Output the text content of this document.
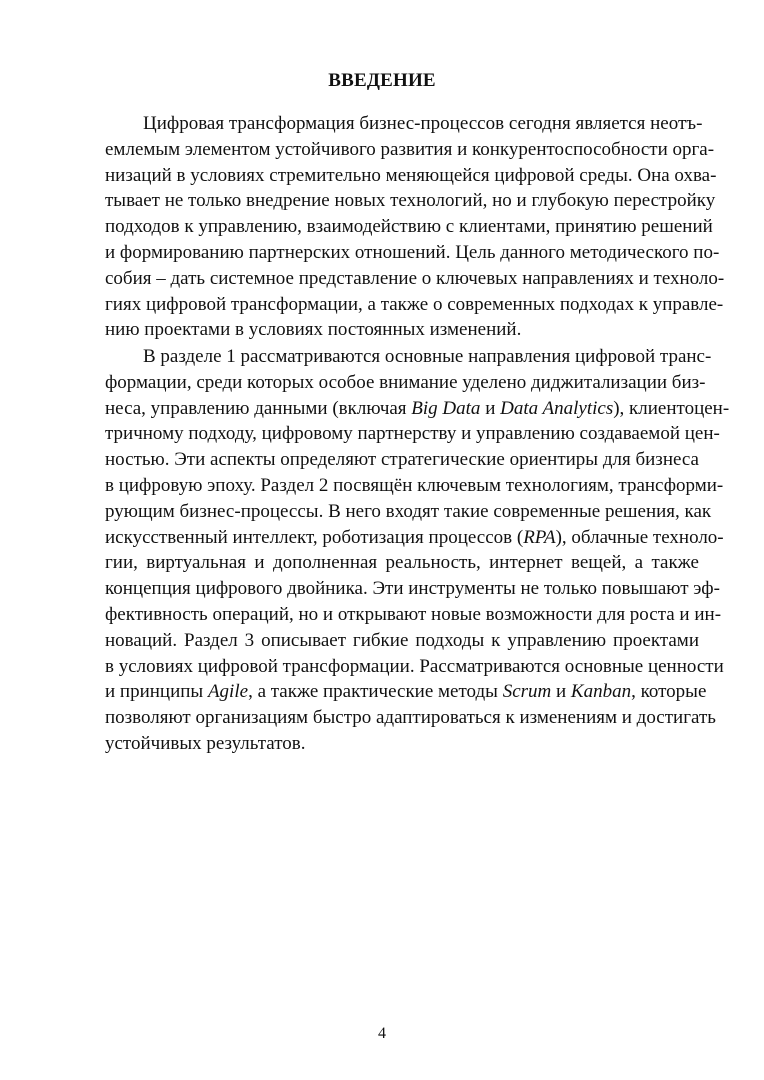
ВВЕДЕНИЕ
Цифровая трансформация бизнес-процессов сегодня является неотъ-
емлемым элементом устойчивого развития и конкурентоспособности орга-
низаций в условиях стремительно меняющейся цифровой среды. Она охва-
тывает не только внедрение новых технологий, но и глубокую перестройку
подходов к управлению, взаимодействию с клиентами, принятию решений
и формированию партнерских отношений. Цель данного методического по-
собия – дать системное представление о ключевых направлениях и техноло-
гиях цифровой трансформации, а также о современных подходах к управле-
нию проектами в условиях постоянных изменений.
В разделе 1 рассматриваются основные направления цифровой транс-
формации, среди которых особое внимание уделено диджитализации биз-
неса, управлению данными (включая Big Data и Data Analytics), клиентоцен-
тричному подходу, цифровому партнерству и управлению создаваемой цен-
ностью. Эти аспекты определяют стратегические ориентиры для бизнеса
в цифровую эпоху. Раздел 2 посвящён ключевым технологиям, трансформи-
рующим бизнес-процессы. В него входят такие современные решения, как
искусственный интеллект, роботизация процессов (RPA), облачные техноло-
гии, виртуальная и дополненная реальность, интернет вещей, а также
концепция цифрового двойника. Эти инструменты не только повышают эф-
фективность операций, но и открывают новые возможности для роста и ин-
новаций. Раздел 3 описывает гибкие подходы к управлению проектами
в условиях цифровой трансформации. Рассматриваются основные ценности
и принципы Agile, а также практические методы Scrum и Kanban, которые
позволяют организациям быстро адаптироваться к изменениям и достигать
устойчивых результатов.
4
